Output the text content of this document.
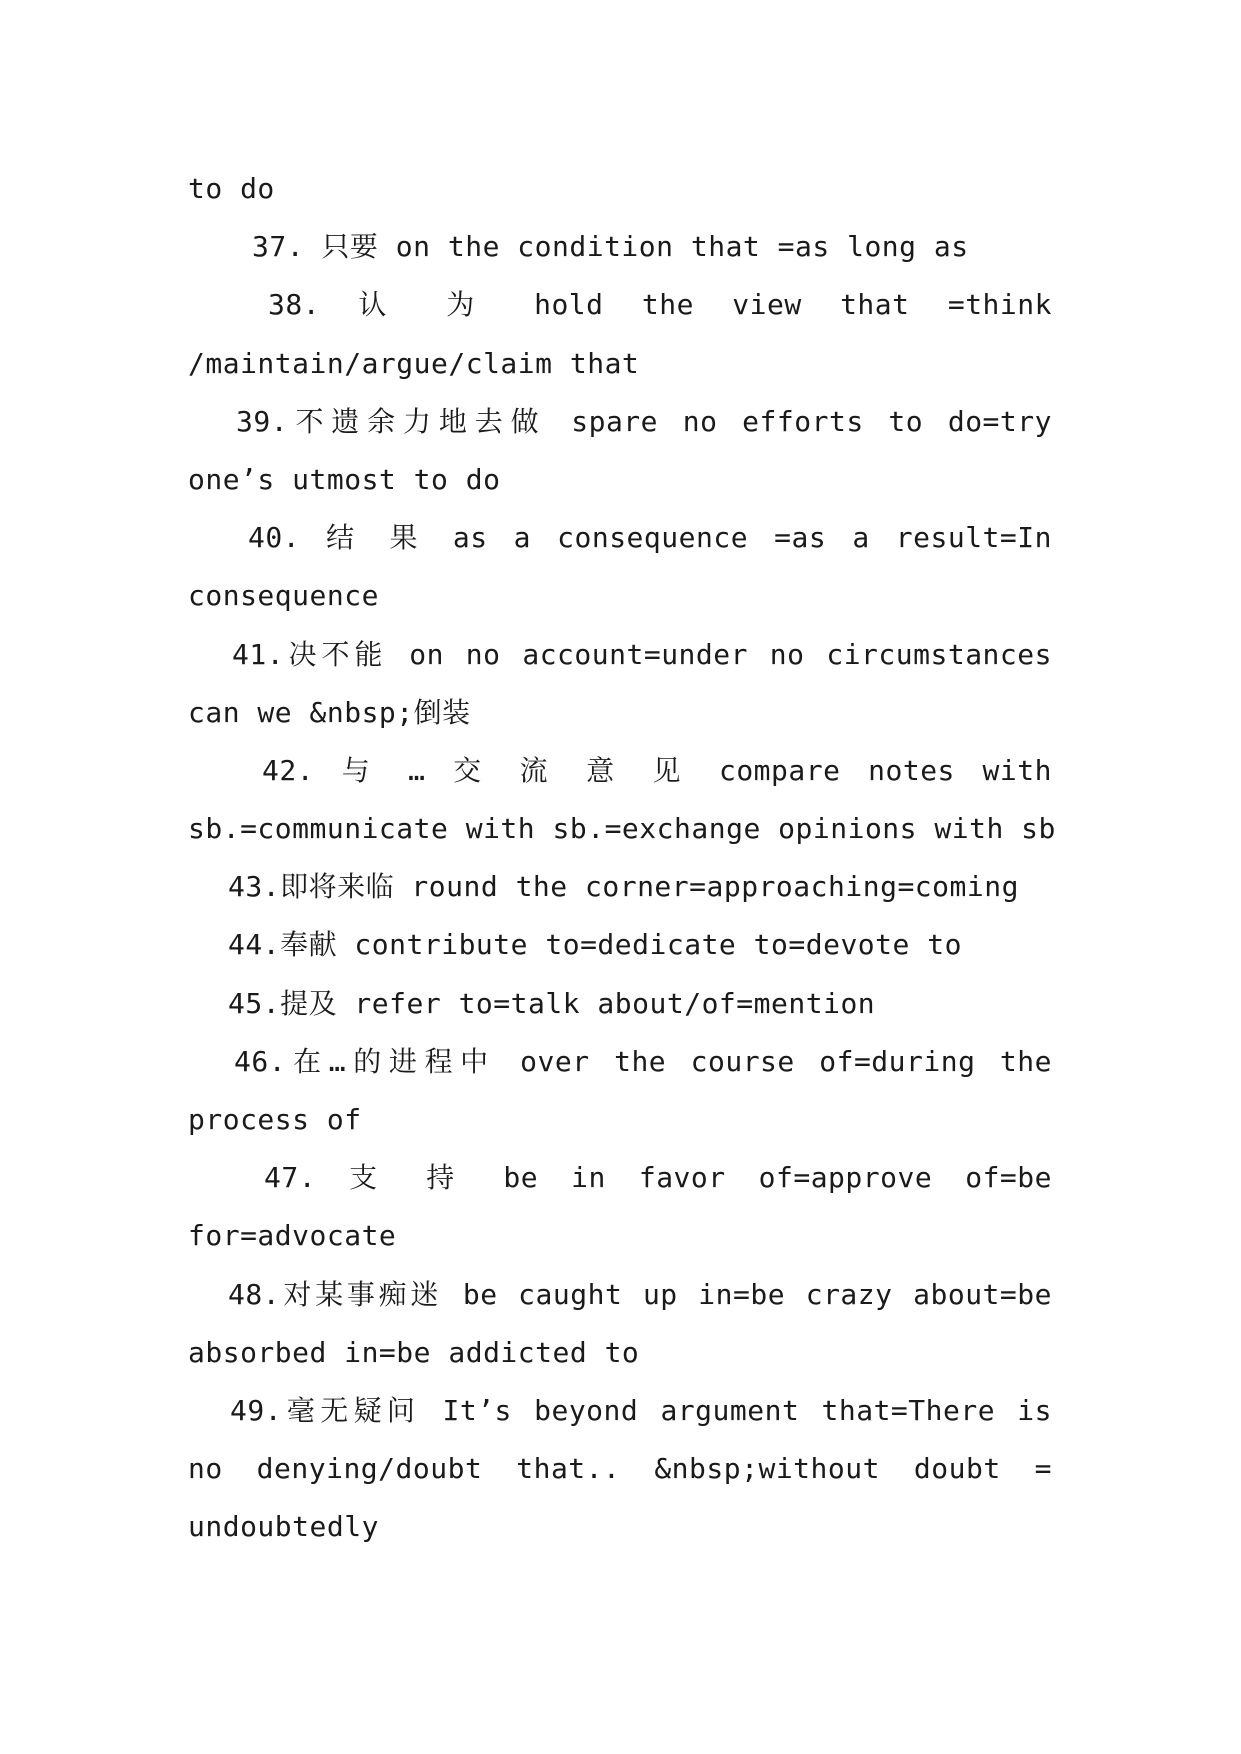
to do
37. 只要 on the condition that =as long as
38. 认 为 hold the view that =think
/maintain/argue/claim that
39.不遗余力地去做 spare no efforts to do=try
one’s utmost to do
40. 结 果 as a consequence =as a result=In
consequence
41.决不能 on no account=under no circumstances
can we &nbsp;倒装
42. 与 … 交 流 意 见 compare notes with
sb.=communicate with sb.=exchange opinions with sb
43.即将来临 round the corner=approaching=coming
44.奉献 contribute to=dedicate to=devote to
45.提及 refer to=talk about/of=mention
46.在…的进程中 over the course of=during the
process of
47. 支 持 be in favor of=approve of=be
for=advocate
48.对某事痴迷 be caught up in=be crazy about=be
absorbed in=be addicted to
49.毫无疑问 It’s beyond argument that=There is
no denying/doubt that.. &nbsp;without doubt =
undoubtedly
